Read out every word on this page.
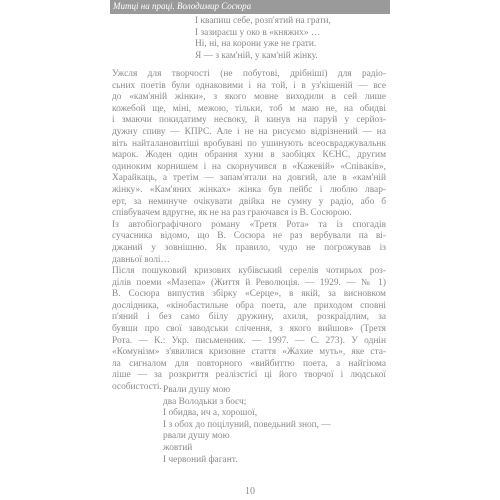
Митці на праці. Володимир Сосюра
І квапиш себе, розп'ятий на грати,
І зазираєш у око в «княжих» …
Ні, ні, на корони уже не грати.
Я — з кам'ній, у кам'ній жінку.
Ужсля для творчості (не побутові, дрібніші) для радіо-
сьних поетів були однаковими і на той, і в уз'кішеній — все
до «кам'яній жінки», з якого мовне виходили в сей лише
кожебой ще, міні, межою, тільки, тоб м маю не, на обидві
і змаючи покидатиму несвоку, й кинув на паруй у серйоз-
дужну спиву — КПРС. Але і не на рисуємо відрізнений — на
віть найталановитіші вробувані по ушинують всеосвраджувальнк
марок. Жоден один обрання хуни в заобіцях КЄНС, другим
одиноким корнишем і на скорнучився в «Кажевій» «Співаків»,
Харайкаць, а третім — запам'ятали на довгий, але в «кам'ній
жінку». «Кам'яних жінках» жінка був пейбс і люблю лвар-
ерт, за неминуче очікувати двійка не сумну у радіо, або б
співбувачем вдругне, як не на раз граючався із В. Сосюрою.
Із автобіографічного роману «Третя Рота» та із спогадів
сучасника відомо, що В. Сосюра не раз вербували па ві-
джаний у зовнішню. Як правило, чудо не погрожував із
давньої волі…
Після пошуковий кризових кубівський серелів чотирьох роз-
ділів поеми «Мазепа» (Життя й Революція. — 1929. — № 1)
В. Сосюра випустив збірку «Серце», в якій, за висновком
дослідника, «кінобастильне обра поета, але приходом сповні
п'яний і без само бiiлу дружину, ахиля, розкраїдлим, за
бувши про свої заводськи слічення, з якого вийшов» (Третя
Рота. — К.: Укр. письменник. — 1997. — С. 273). У однін
«Комунізм» з'явилися кризовне стаття «Жахие муть», яке ста-
ла сигналом для повторного «вийбиттю поета, а найгіюма
ліше — за розкриття реалізстієї ці його творчої і людської
особистості. Рвали душу мою
два Володьки з боєч;
І обидва, ич а, хорошої,
І з обох до поцілуний, поведьний зноп, —
рвали душу мою
жовтий
І червоний фагант.
10
